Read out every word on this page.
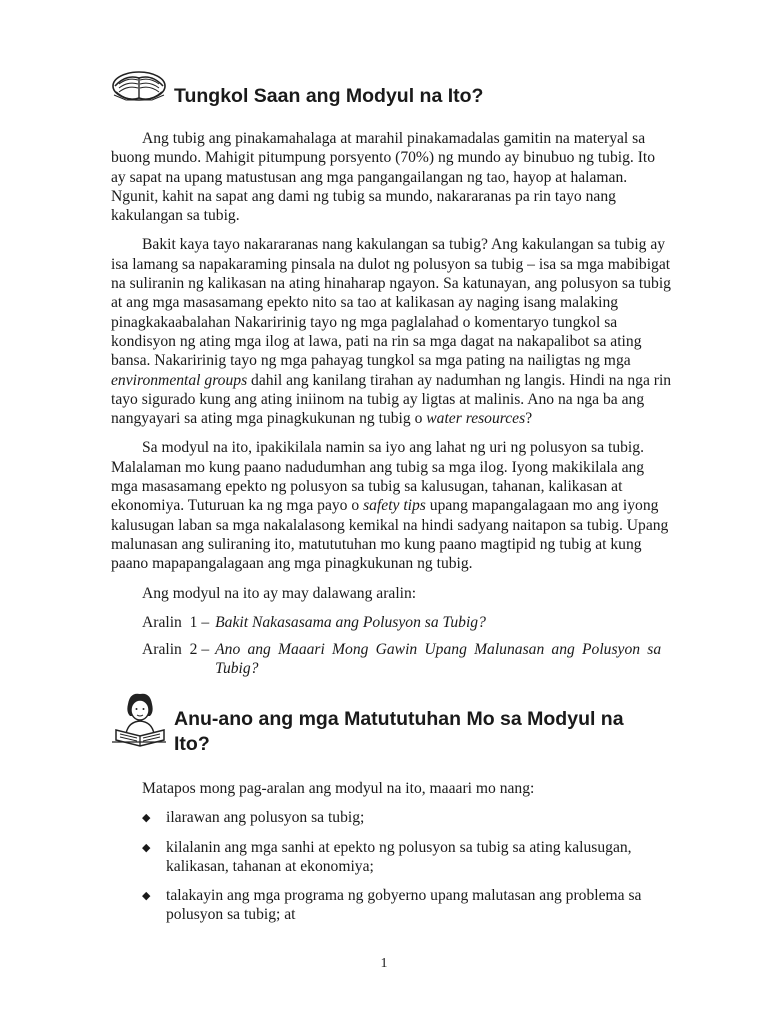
Tungkol Saan ang Modyul na Ito?

Ang tubig ang pinakamahalaga at marahil pinakamadalas gamitin na materyal sa buong mundo. Mahigit pitumpung porsyento (70%) ng mundo ay binubuo ng tubig. Ito ay sapat na upang matustusan ang mga pangangailangan ng tao, hayop at halaman. Ngunit, kahit na sapat ang dami ng tubig sa mundo, nakararanas pa rin tayo nang kakulangan sa tubig.

Bakit kaya tayo nakararanas nang kakulangan sa tubig? Ang kakulangan sa tubig ay isa lamang sa napakaraming pinsala na dulot ng polusyon sa tubig – isa sa mga mabibigat na suliranin ng kalikasan na ating hinaharap ngayon. Sa katunayan, ang polusyon sa tubig at ang mga masasamang epekto nito sa tao at kalikasan ay naging isang malaking pinagkakaabalahan Nakaririnig tayo ng mga paglalahad o komentaryo tungkol sa kondisyon ng ating mga ilog at lawa, pati na rin sa mga dagat na nakapalibot sa ating bansa. Nakaririnig tayo ng mga pahayag tungkol sa mga pating na nailigtas ng mga environmental groups dahil ang kanilang tirahan ay nadumhan ng langis. Hindi na nga rin tayo sigurado kung ang ating iniinom na tubig ay ligtas at malinis. Ano na nga ba ang nangyayari sa ating mga pinagkukunan ng tubig o water resources?

Sa modyul na ito, ipakikilala namin sa iyo ang lahat ng uri ng polusyon sa tubig. Malalaman mo kung paano nadudumhan ang tubig sa mga ilog. Iyong makikilala ang mga masasamang epekto ng polusyon sa tubig sa kalusugan, tahanan, kalikasan at ekonomiya. Tuturuan ka ng mga payo o safety tips upang mapangalagaan mo ang iyong kalusugan laban sa mga nakalalasong kemikal na hindi sadyang naitapon sa tubig. Upang malunasan ang suliraning ito, matututuhan mo kung paano magtipid ng tubig at kung paano mapapangalagaan ang mga pinagkukunan ng tubig.

Ang modyul na ito ay may dalawang aralin:

Aralin  1 – Bakit Nakasasama ang Polusyon sa Tubig?
Aralin  2 – Ano ang Maaari Mong Gawin Upang Malunasan ang Polusyon sa Tubig?
Anu-ano ang mga Matututuhan Mo sa Modyul na Ito?

Matapos mong pag-aralan ang modyul na ito, maaari mo nang:

◆ ilarawan ang polusyon sa tubig;
◆ kilalanin ang mga sanhi at epekto ng polusyon sa tubig sa ating kalusugan, kalikasan, tahanan at ekonomiya;
◆ talakayin ang mga programa ng gobyerno upang malutasan ang problema sa polusyon sa tubig; at
1
